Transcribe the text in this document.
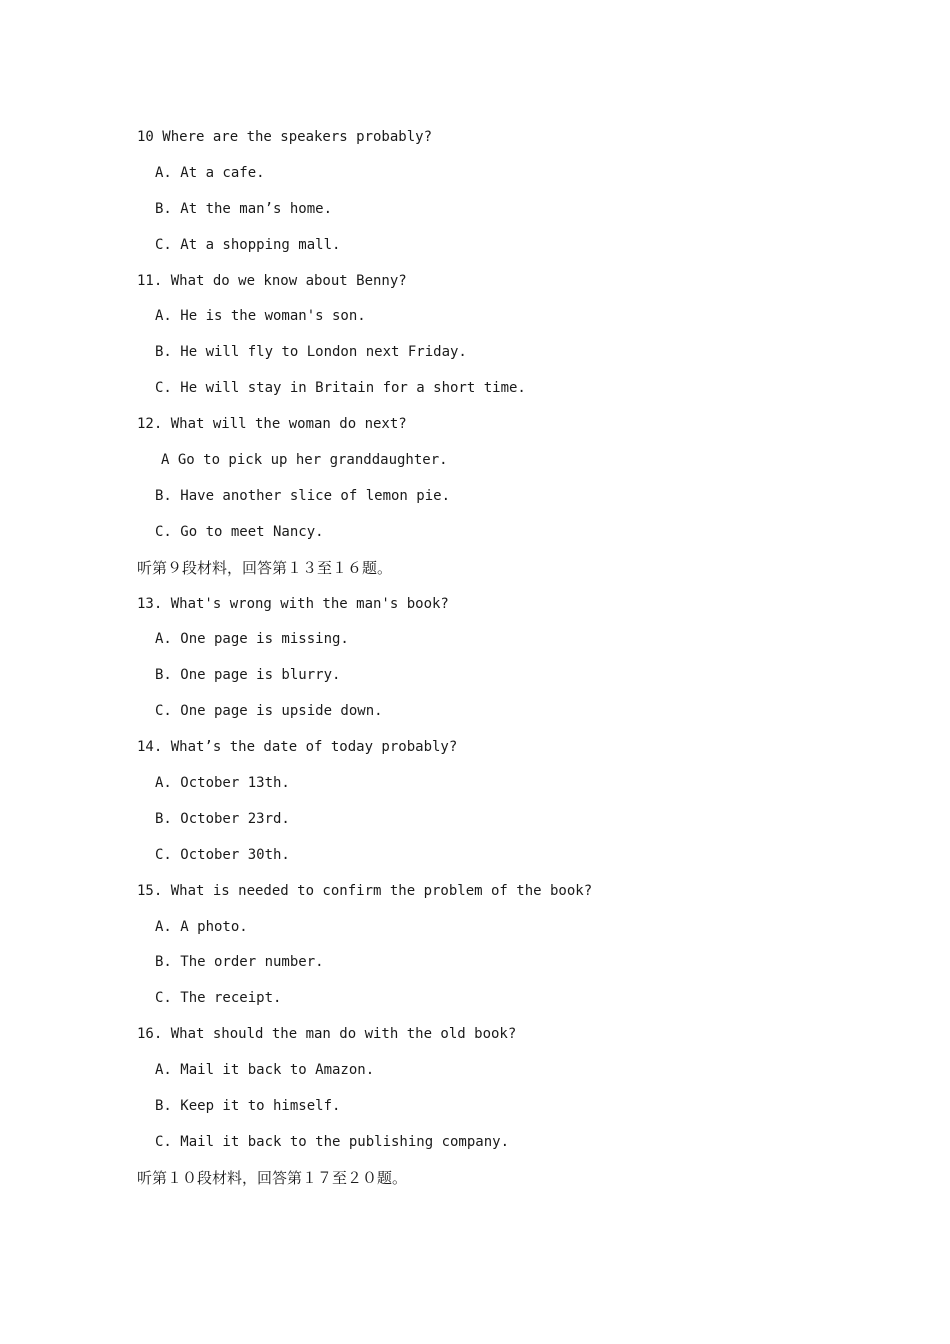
10 Where are the speakers probably?
A. At a cafe.
B. At the man’s home.
C. At a shopping mall.
11. What do we know about Benny?
A. He is the woman's son.
B. He will fly to London next Friday.
C. He will stay in Britain for a short time.
12. What will the woman do next?
A Go to pick up her granddaughter.
B. Have another slice of lemon pie.
C. Go to meet Nancy.
听第９段材料，回答第１３至１６题。
13. What's wrong with the man's book?
A. One page is missing.
B. One page is blurry.
C. One page is upside down.
14. What’s the date of today probably?
A. October 13th.
B. October 23rd.
C. October 30th.
15. What is needed to confirm the problem of the book?
A. A photo.
B. The order number.
C. The receipt.
16. What should the man do with the old book?
A. Mail it back to Amazon.
B. Keep it to himself.
C. Mail it back to the publishing company.
听第１０段材料，回答第１７至２０题。
